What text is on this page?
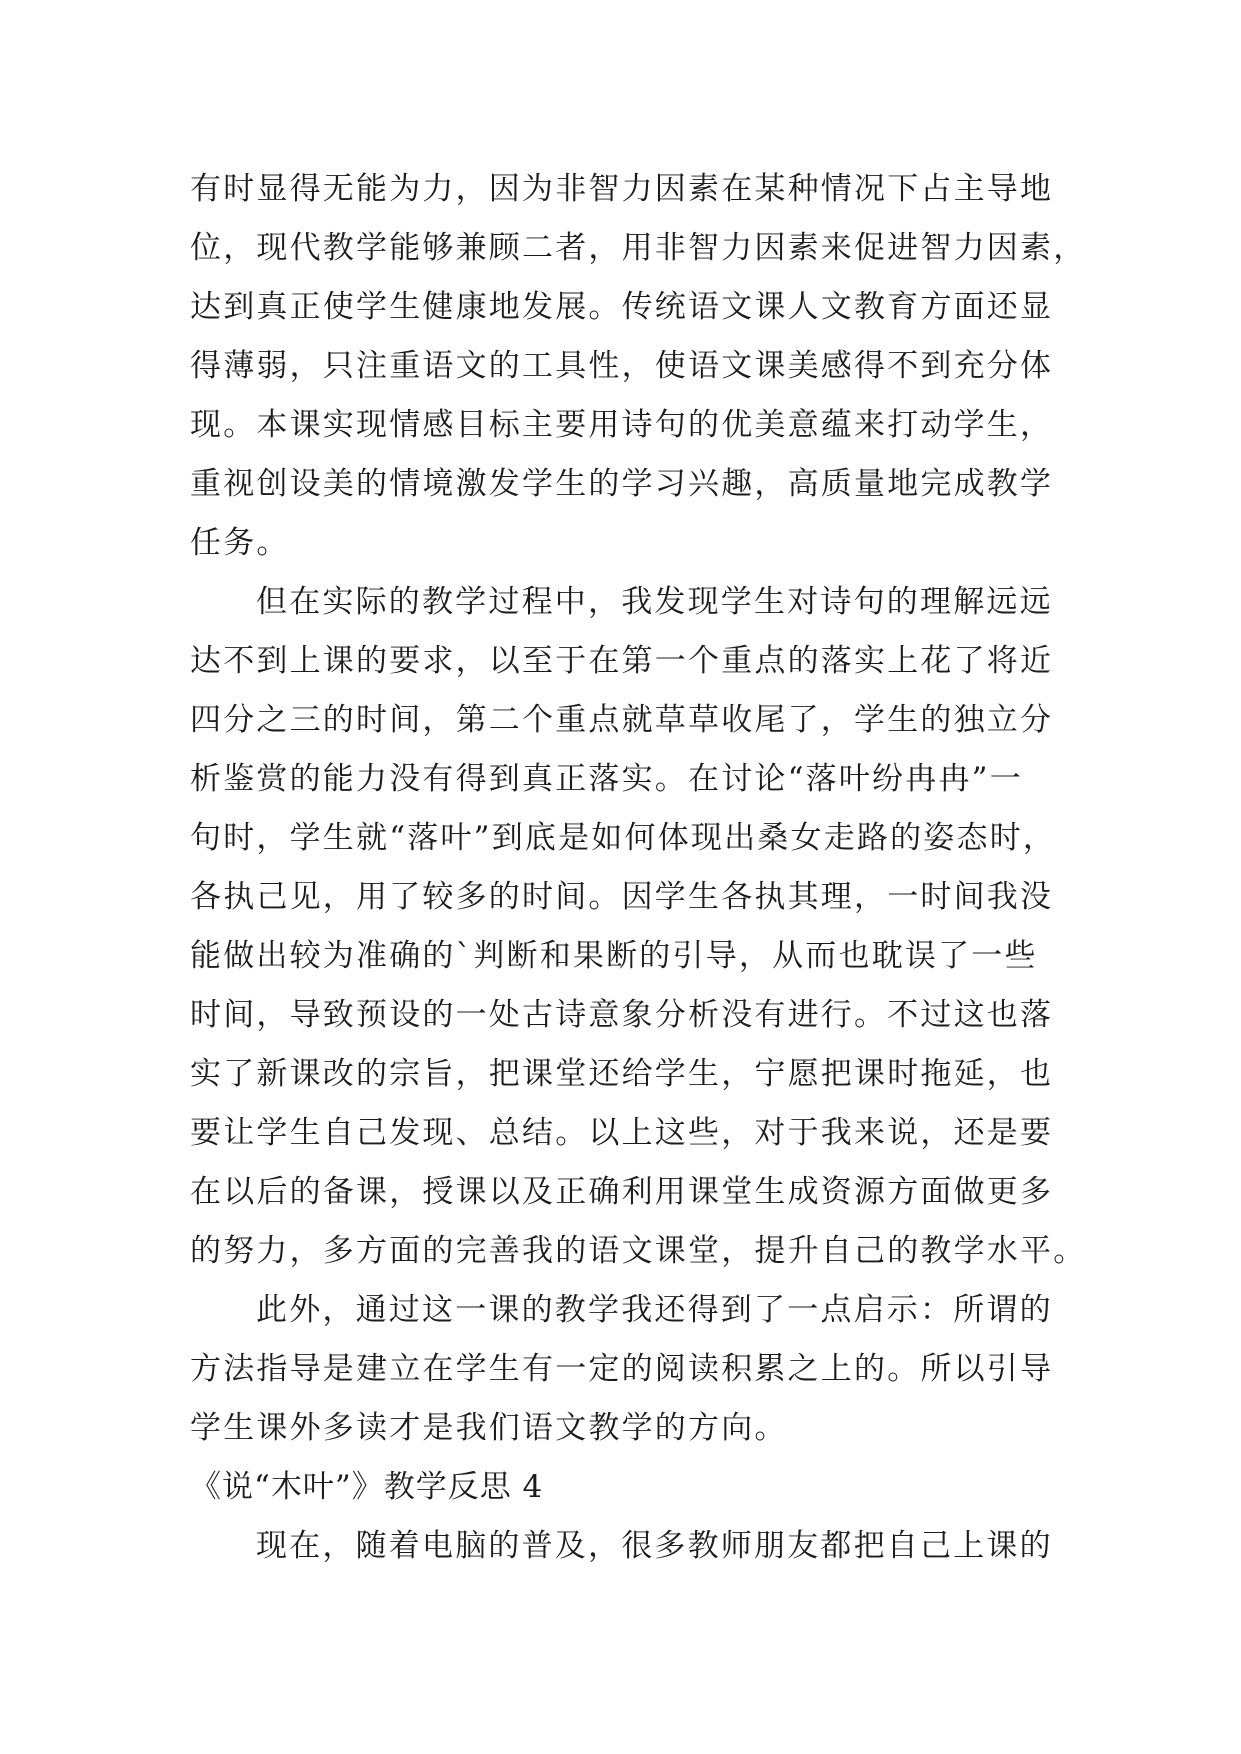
有时显得无能为力，因为非智力因素在某种情况下占主导地
位，现代教学能够兼顾二者，用非智力因素来促进智力因素，
达到真正使学生健康地发展。传统语文课人文教育方面还显
得薄弱，只注重语文的工具性，使语文课美感得不到充分体
现。本课实现情感目标主要用诗句的优美意蕴来打动学生，
重视创设美的情境激发学生的学习兴趣，高质量地完成教学
任务。
但在实际的教学过程中，我发现学生对诗句的理解远远
达不到上课的要求，以至于在第一个重点的落实上花了将近
四分之三的时间，第二个重点就草草收尾了，学生的独立分
析鉴赏的能力没有得到真正落实。在讨论“落叶纷冉冉”一
句时，学生就“落叶”到底是如何体现出桑女走路的姿态时，
各执己见，用了较多的时间。因学生各执其理，一时间我没
能做出较为准确的`判断和果断的引导，从而也耽误了一些
时间，导致预设的一处古诗意象分析没有进行。不过这也落
实了新课改的宗旨，把课堂还给学生，宁愿把课时拖延，也
要让学生自己发现、总结。以上这些，对于我来说，还是要
在以后的备课，授课以及正确利用课堂生成资源方面做更多
的努力，多方面的完善我的语文课堂，提升自己的教学水平。
此外，通过这一课的教学我还得到了一点启示：所谓的
方法指导是建立在学生有一定的阅读积累之上的。所以引导
学生课外多读才是我们语文教学的方向。
《说“木叶”》教学反思 4
现在，随着电脑的普及，很多教师朋友都把自己上课的
